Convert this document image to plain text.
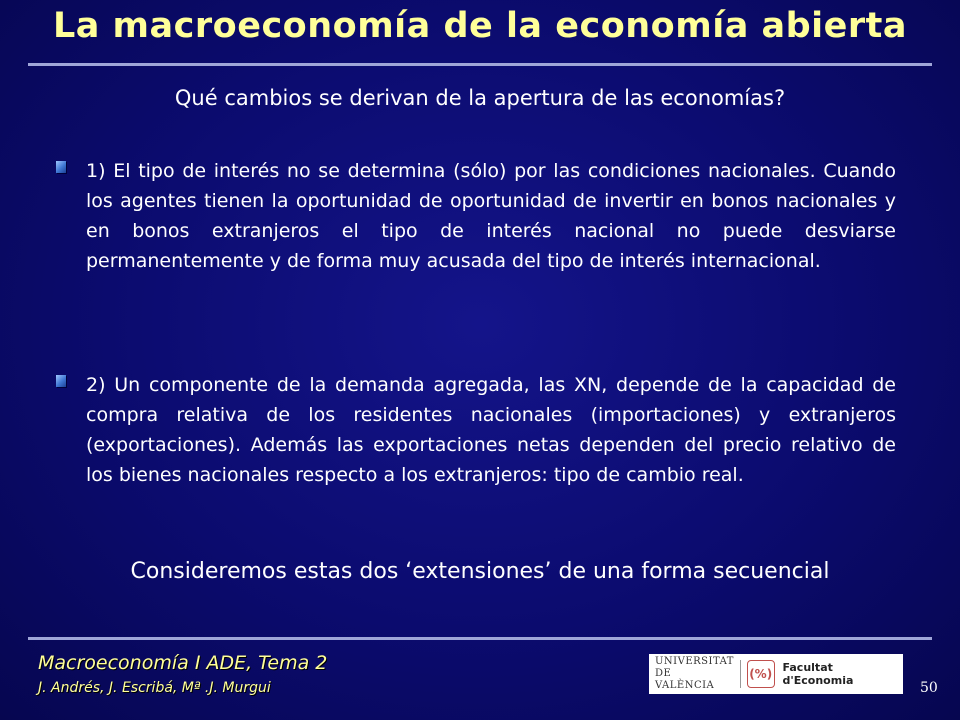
La macroeconomía de la economía abierta
Qué cambios se derivan de la apertura de las economías?
1) El tipo de interés no se determina (sólo) por las condiciones nacionales. Cuando los agentes tienen la oportunidad de oportunidad de invertir en bonos nacionales y en bonos extranjeros el tipo de interés nacional no puede desviarse permanentemente y de forma muy acusada del tipo de interés internacional.
2) Un componente de la demanda agregada, las XN, depende de la capacidad de compra relativa de los residentes nacionales (importaciones) y extranjeros (exportaciones). Además las exportaciones netas dependen del precio relativo de los bienes nacionales respecto a los extranjeros: tipo de cambio real.
Consideremos estas dos ‘extensiones’ de una forma secuencial
Macroeconomía I ADE, Tema 2
J. Andrés, J. Escribá, Mª .J. Murgui
UNIVERSITAT
DE VALÈNCIA
(%) Facultat d'Economia	50
